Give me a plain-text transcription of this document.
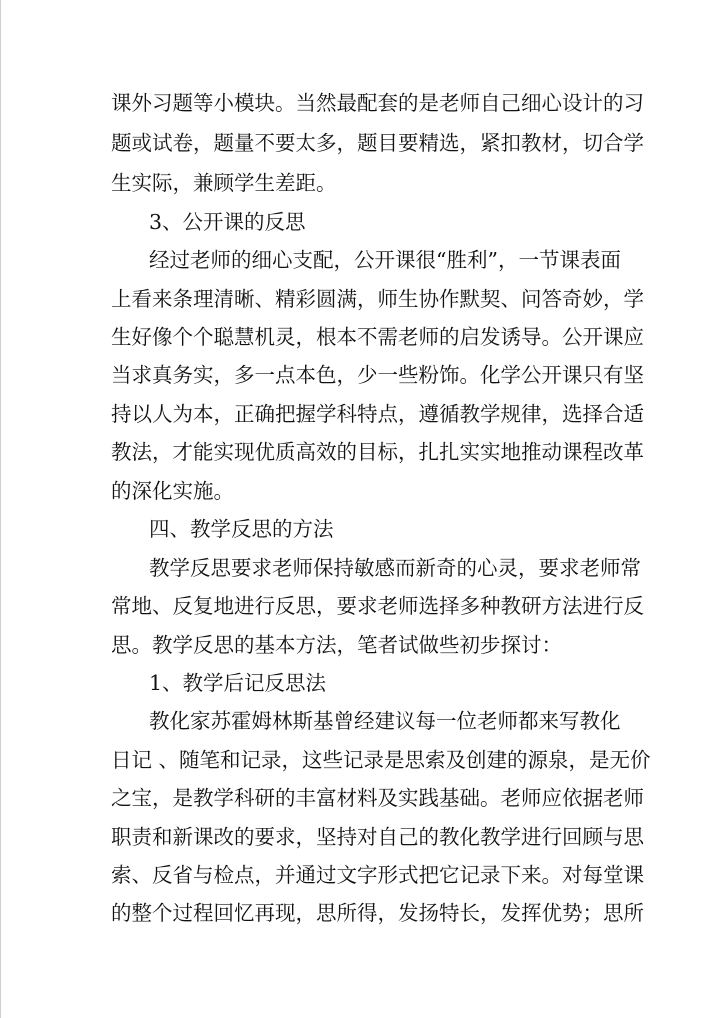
课外习题等小模块。当然最配套的是老师自己细心设计的习
题或试卷，题量不要太多，题目要精选，紧扣教材，切合学
生实际，兼顾学生差距。
3、公开课的反思
经过老师的细心支配，公开课很“胜利”，一节课表面
上看来条理清晰、精彩圆满，师生协作默契、问答奇妙，学
生好像个个聪慧机灵，根本不需老师的启发诱导。公开课应
当求真务实，多一点本色，少一些粉饰。化学公开课只有坚
持以人为本，正确把握学科特点，遵循教学规律，选择合适
教法，才能实现优质高效的目标，扎扎实实地推动课程改革
的深化实施。
四、教学反思的方法
教学反思要求老师保持敏感而新奇的心灵，要求老师常
常地、反复地进行反思，要求老师选择多种教研方法进行反
思。教学反思的基本方法，笔者试做些初步探讨：
1、教学后记反思法
教化家苏霍姆林斯基曾经建议每一位老师都来写教化
日记 、随笔和记录，这些记录是思索及创建的源泉，是无价
之宝，是教学科研的丰富材料及实践基础。老师应依据老师
职责和新课改的要求，坚持对自己的教化教学进行回顾与思
索、反省与检点，并通过文字形式把它记录下来。对每堂课
的整个过程回忆再现，思所得，发扬特长，发挥优势；思所
